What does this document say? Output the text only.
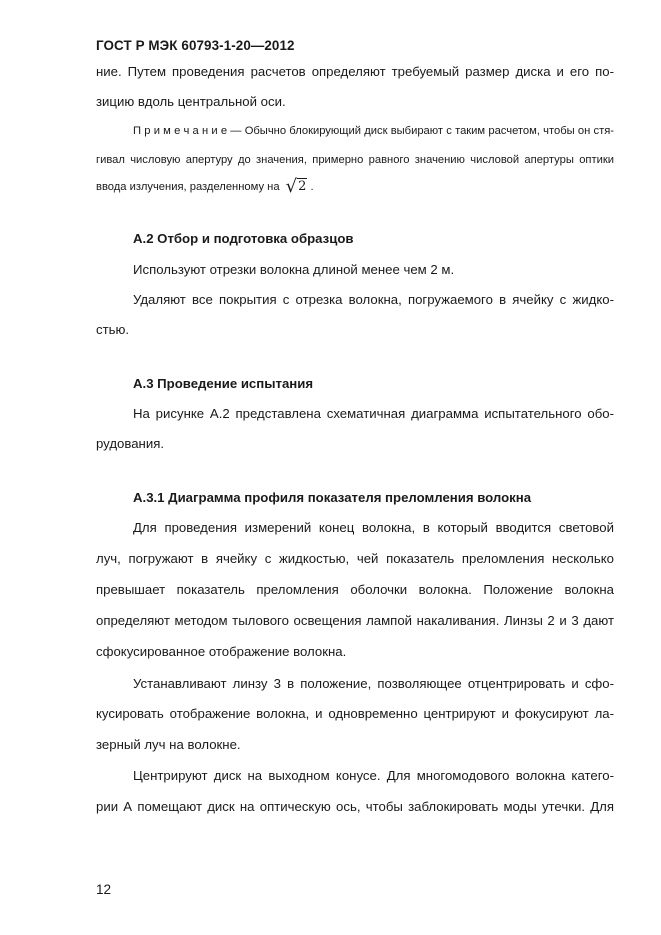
ГОСТ Р МЭК 60793-1-20—2012
ние. Путем проведения расчетов определяют требуемый размер диска и его по-
зицию вдоль центральной оси.
П р и м е ч а н и е — Обычно блокирующий диск выбирают с таким расчетом, чтобы он стя-
гивал числовую апертуру до значения, примерно равного значению числовой апертуры оптики
ввода излучения, разделенному на √2 .
А.2 Отбор и подготовка образцов
Используют отрезки волокна длиной менее чем 2 м.
Удаляют все покрытия с отрезка волокна, погружаемого в ячейку с жидко-
стью.
А.3 Проведение испытания
На рисунке А.2 представлена схематичная диаграмма испытательного обо-
рудования.
А.3.1 Диаграмма профиля показателя преломления волокна
Для проведения измерений конец волокна, в который вводится световой
луч, погружают в ячейку с жидкостью, чей показатель преломления несколько
превышает показатель преломления оболочки волокна. Положение волокна
определяют методом тылового освещения лампой накаливания. Линзы 2 и 3 дают
сфокусированное отображение волокна.
Устанавливают линзу 3 в положение, позволяющее отцентрировать и сфо-
кусировать отображение волокна, и одновременно центрируют и фокусируют ла-
зерный луч на волокне.
Центрируют диск на выходном конусе. Для многомодового волокна катего-
рии А помещают диск на оптическую ось, чтобы заблокировать моды утечки. Для
12
